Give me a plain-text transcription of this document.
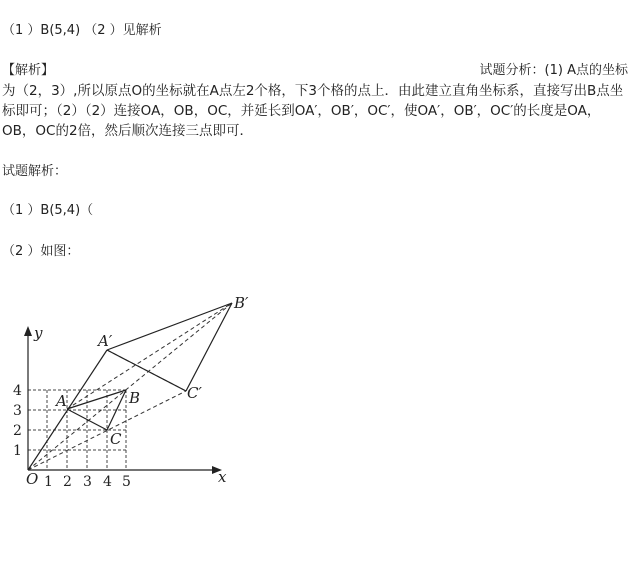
（1 ）B(5,4) （2 ）见解析
【解析】	试题分析：(1) A点的坐标
为（2，3）,所以原点O的坐标就在A点左2个格，下3个格的点上．由此建立直角坐标系，直接写出B点坐标即可；（2）（2）连接OA，OB，OC，并延长到OA′，OB′，OC′，使OA′，OB′，OC′的长度是OA，OB，OC的2倍，然后顺次连接三点即可．
试题解析：
（1 ）B(5,4)（
（2 ）如图：
1 2 3 4 5
1
2
3
4
O	x
y
A	B
C
A′
B′
C′
